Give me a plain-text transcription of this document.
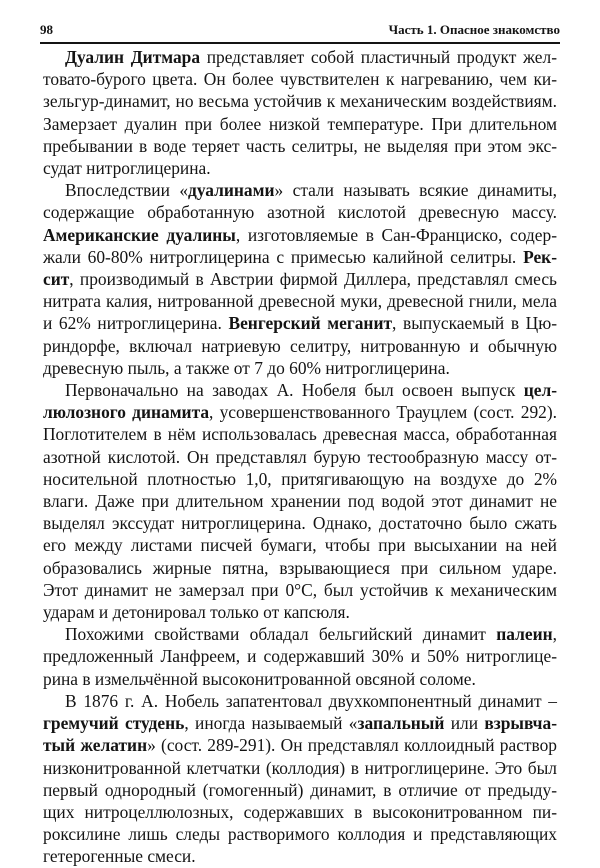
98	Часть 1. Опасное знакомство

Дуалин Дитмара представляет собой пластичный продукт желтовато-бурого цвета. Он более чувствителен к нагреванию, чем кизельгур-динамит, но весьма устойчив к механическим воздействиям. Замерзает дуалин при более низкой температуре. При длительном пребывании в воде теряет часть селитры, не выделяя при этом экссудат нитроглицерина.

Впоследствии «дуалинами» стали называть всякие динамиты, содержащие обработанную азотной кислотой древесную массу. Американские дуалины, изготовляемые в Сан-Франциско, содержали 60-80% нитроглицерина с примесью калийной селитры. Рексит, производимый в Австрии фирмой Диллера, представлял смесь нитрата калия, нитрованной древесной муки, древесной гнили, мела и 62% нитроглицерина. Венгерский меганит, выпускаемый в Цюриндорфе, включал натриевую селитру, нитрованную и обычную древесную пыль, а также от 7 до 60% нитроглицерина.

Первоначально на заводах А. Нобеля был освоен выпуск целлюлозного динамита, усовершенствованного Трауцлем (сост. 292). Поглотителем в нём использовалась древесная масса, обработанная азотной кислотой. Он представлял бурую тестообразную массу относительной плотностью 1,0, притягивающую на воздухе до 2% влаги. Даже при длительном хранении под водой этот динамит не выделял экссудат нитроглицерина. Однако, достаточно было сжать его между листами писчей бумаги, чтобы при высыхании на ней образовались жирные пятна, взрывающиеся при сильном ударе. Этот динамит не замерзал при 0°С, был устойчив к механическим ударам и детонировал только от капсюля.

Похожими свойствами обладал бельгийский динамит палеин, предложенный Ланфреем, и содержавший 30% и 50% нитроглицерина в измельчённой высоконитрованной овсяной соломе.

В 1876 г. А. Нобель запатентовал двухкомпонентный динамит – гремучий студень, иногда называемый «запальный или взрывчатый желатин» (сост. 289-291). Он представлял коллоидный раствор низконитрованной клетчатки (коллодия) в нитроглицерине. Это был первый однородный (гомогенный) динамит, в отличие от предыдущих нитроцеллюлозных, содержавших в высоконитрованном пироксилине лишь следы растворимого коллодия и представляющих гетерогенные смеси.
